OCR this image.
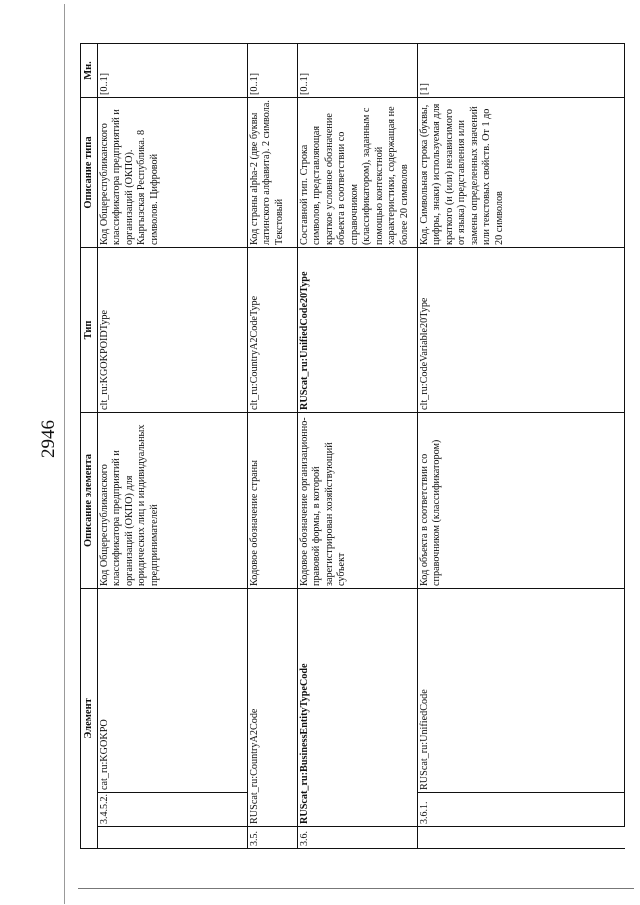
2946
Элемент			Описание элемента	Тип	Описание типа	Мн.
	3.4.5.2.	cat_ru:KGOKPO	Код Общереспубликанского классификатора предприятий и организаций (ОКПО) для юридических лиц и индивидуальных предпринимателей	clt_ru:KGOKPOIDType	Код Общереспубликанского классификатора предприятий и организаций (ОКПО). Кыргызская Республика. 8 символов. Цифровой	[0..1]
3.5.	RUScat_ru:CountryA2Code		Кодовое обозначение страны	clt_ru:CountryA2CodeType	Код страны alpha-2 (две буквы латинского алфавита). 2 символа. Текстовый	[0..1]
3.6.	RUScat_ru:BusinessEntityTypeCode		Кодовое обозначение организационно-правовой формы, в которой зарегистрирован хозяйствующий субъект	RUScat_ru:UnifiedCode20Type	Составной тип. Строка символов, представляющая краткое условное обозначение объекта в соответствии со справочником (классификатором), заданным с помощью контекстной характеристики, содержащая не более 20 символов	[0..1]
	3.6.1.	RUScat_ru:UnifiedCode	Код объекта в соответствии со справочником (классификатором)	clt_ru:CodeVariable20Type	Код. Символьная строка (буквы, цифры, знаки) используемая для краткого (и (или) независимого от языка) представления или замены определенных значений или текстовых свойств. От 1 до 20 символов	[1]
